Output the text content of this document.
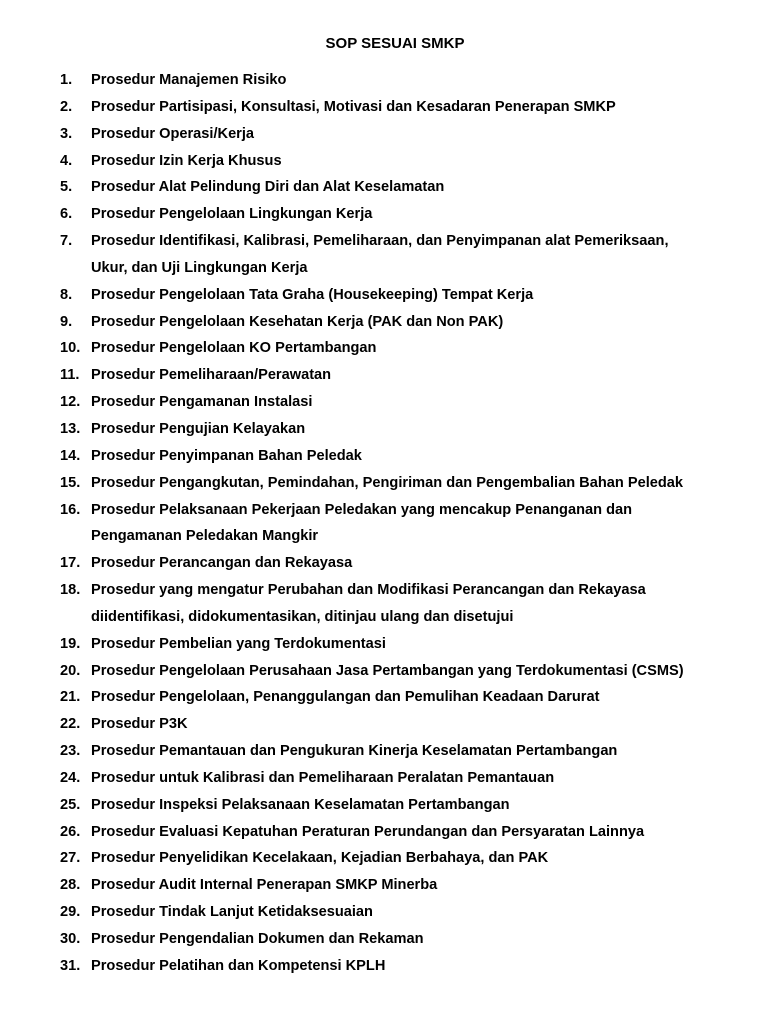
SOP SESUAI SMKP
1.	Prosedur Manajemen Risiko
2.	Prosedur Partisipasi, Konsultasi, Motivasi dan Kesadaran Penerapan SMKP
3.	Prosedur Operasi/Kerja
4.	Prosedur Izin Kerja Khusus
5.	Prosedur Alat Pelindung Diri dan Alat Keselamatan
6.	Prosedur Pengelolaan Lingkungan Kerja
7.	Prosedur Identifikasi, Kalibrasi, Pemeliharaan, dan Penyimpanan alat Pemeriksaan,
Ukur, dan Uji Lingkungan Kerja
8.	Prosedur Pengelolaan Tata Graha (Housekeeping) Tempat Kerja
9.	Prosedur Pengelolaan Kesehatan Kerja (PAK dan Non PAK)
10. Prosedur Pengelolaan KO Pertambangan
11. Prosedur Pemeliharaan/Perawatan
12. Prosedur Pengamanan Instalasi
13. Prosedur Pengujian Kelayakan
14. Prosedur Penyimpanan Bahan Peledak
15. Prosedur Pengangkutan, Pemindahan, Pengiriman dan Pengembalian Bahan Peledak
16. Prosedur Pelaksanaan Pekerjaan Peledakan yang mencakup Penanganan dan
Pengamanan Peledakan Mangkir
17. Prosedur Perancangan dan Rekayasa
18. Prosedur yang mengatur Perubahan dan Modifikasi Perancangan dan Rekayasa
diidentifikasi, didokumentasikan, ditinjau ulang dan disetujui
19. Prosedur Pembelian yang Terdokumentasi
20. Prosedur Pengelolaan Perusahaan Jasa Pertambangan yang Terdokumentasi (CSMS)
21. Prosedur Pengelolaan, Penanggulangan dan Pemulihan Keadaan Darurat
22. Prosedur P3K
23. Prosedur Pemantauan dan Pengukuran Kinerja Keselamatan Pertambangan
24. Prosedur untuk Kalibrasi dan Pemeliharaan Peralatan Pemantauan
25. Prosedur Inspeksi Pelaksanaan Keselamatan Pertambangan
26. Prosedur Evaluasi Kepatuhan Peraturan Perundangan dan Persyaratan Lainnya
27. Prosedur Penyelidikan Kecelakaan, Kejadian Berbahaya, dan PAK
28. Prosedur Audit Internal Penerapan SMKP Minerba
29. Prosedur Tindak Lanjut Ketidaksesuaian
30. Prosedur Pengendalian Dokumen dan Rekaman
31. Prosedur Pelatihan dan Kompetensi KPLH
